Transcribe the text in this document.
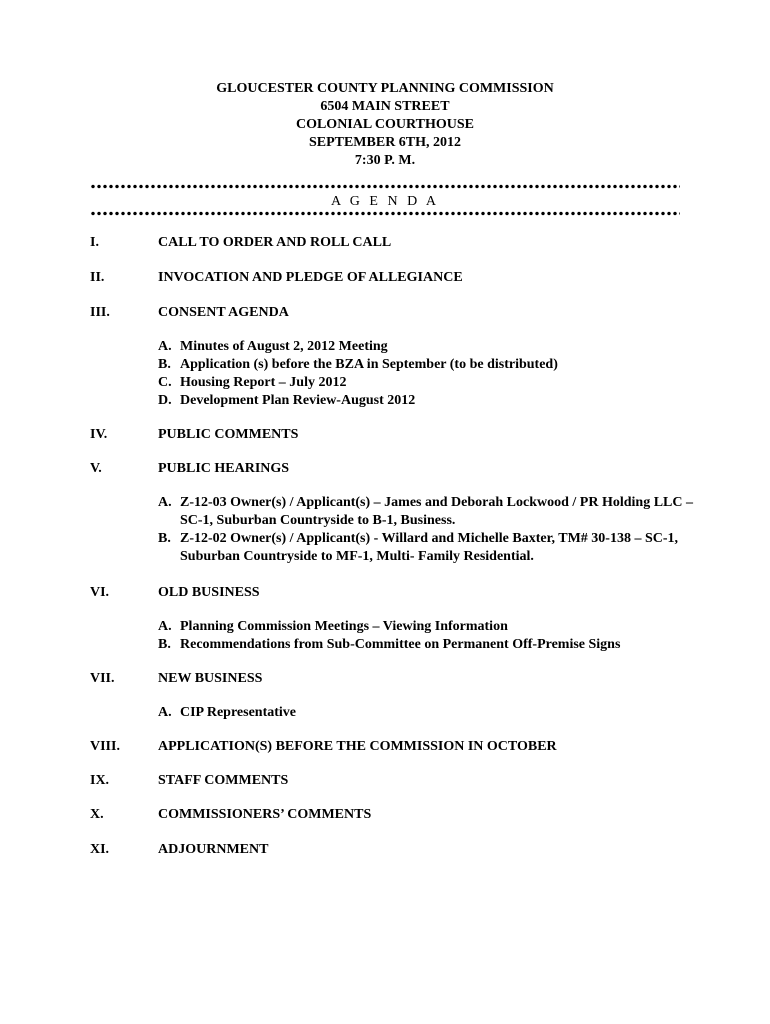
GLOUCESTER COUNTY PLANNING COMMISSION
6504 MAIN STREET
COLONIAL COURTHOUSE
SEPTEMBER 6TH, 2012
7:30 P. M.
A G E N D A
I.	CALL TO ORDER AND ROLL CALL
II.	INVOCATION AND PLEDGE OF ALLEGIANCE
III.	CONSENT AGENDA
A. Minutes of August 2, 2012 Meeting
B. Application (s) before the BZA in September (to be distributed)
C. Housing Report – July 2012
D. Development Plan Review-August 2012
IV.	PUBLIC COMMENTS
V.	PUBLIC HEARINGS
A. Z-12-03 Owner(s) / Applicant(s) – James and Deborah Lockwood / PR Holding LLC – SC-1, Suburban Countryside to B-1, Business.
B. Z-12-02 Owner(s) / Applicant(s) - Willard and Michelle Baxter, TM# 30-138 – SC-1, Suburban Countryside to MF-1, Multi- Family Residential.
VI.	OLD BUSINESS
A. Planning Commission Meetings – Viewing Information
B. Recommendations from Sub-Committee on Permanent Off-Premise Signs
VII.	NEW BUSINESS
A. CIP Representative
VIII.	APPLICATION(S) BEFORE THE COMMISSION IN OCTOBER
IX.	STAFF COMMENTS
X.	COMMISSIONERS’ COMMENTS
XI.	ADJOURNMENT
